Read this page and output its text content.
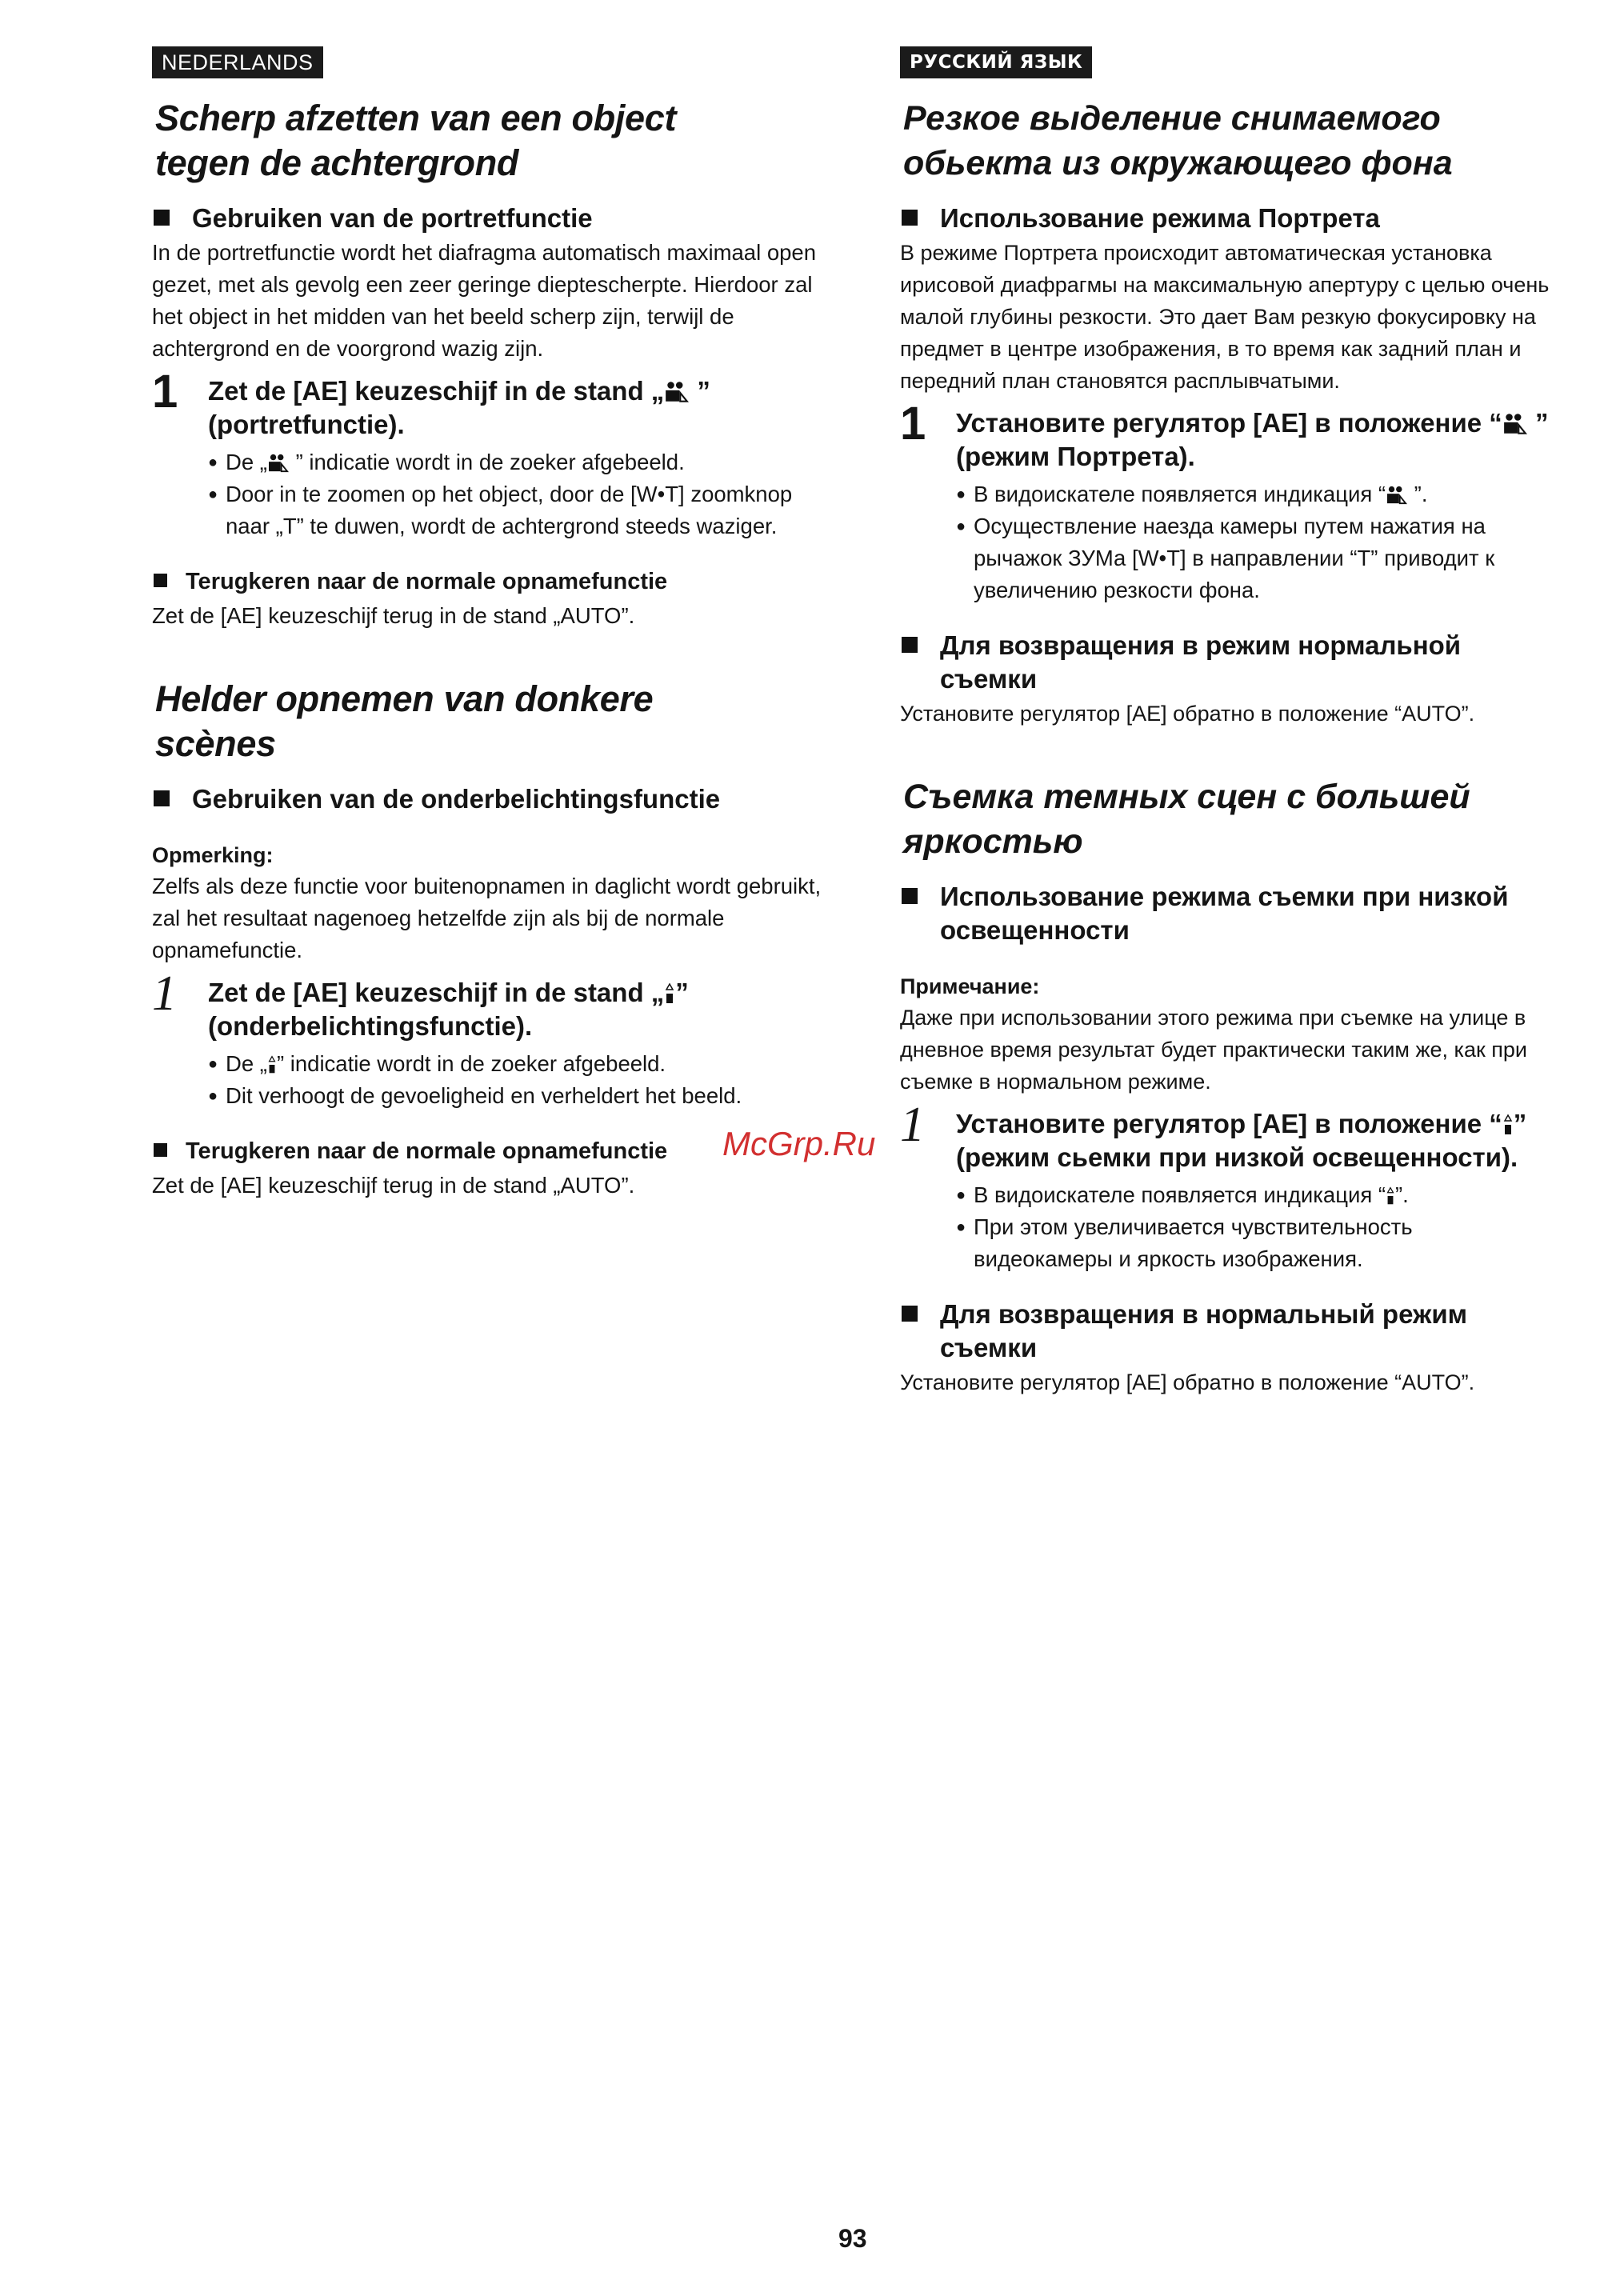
NEDERLANDS
Scherp afzetten van een object
tegen de achtergrond
Gebruiken van de portretfunctie

In de portretfunctie wordt het diafragma automatisch maximaal open gezet, met als gevolg een zeer geringe dieptescherpte. Hierdoor zal het object in het midden van het beeld scherp zijn, terwijl de achtergrond en de voorgrond wazig zijn.

1 Zet de [AE] keuzeschijf in de stand „ ” (portretfunctie).
● De „ ” indicatie wordt in de zoeker afgebeeld.
● Door in te zoomen op het object, door de [W•T] zoomknop naar „T” te duwen, wordt de achtergrond steeds waziger.
Terugkeren naar de normale opnamefunctie

Zet de [AE] keuzeschijf terug in de stand „AUTO”.

Helder opnemen van donkere
scènes
Gebruiken van de onderbelichtingsfunctie
Opmerking:

Zelfs als deze functie voor buitenopnamen in daglicht wordt gebruikt, zal het resultaat nagenoeg hetzelfde zijn als bij de normale opnamefunctie.

1 Zet de [AE] keuzeschijf in de stand „ ” (onderbelichtingsfunctie).
● De „ ” indicatie wordt in de zoeker afgebeeld.
● Dit verhoogt de gevoeligheid en verheldert het beeld.
Terugkeren naar de normale opnamefunctie

Zet de [AE] keuzeschijf terug in de stand „AUTO”.

РУССКИЙ ЯЗЫК
Резкое выделение снимаемого
обьекта из окружающего фона
Использование режима Портрета

В режиме Портрета происходит автоматическая установка ирисовой диафрагмы на максимальную апертуру с целью очень малой глубины резкости. Это дает Вам резкую фокусировку на предмет в центре изображения, в то время как задний план и передний план становятся расплывчатыми.

1 Установите регулятор [AE] в положение “ ” (режим Портрета).
● В видоискателе появляется индикация “ ”.
● Осуществление наезда камеры путем нажатия на рычажок ЗУМа [W•T] в направлении “T” приводит к увеличению резкости фона.
Для возвращения в режим нормальной съемки

Установите регулятор [AE] обратно в положение “AUTO”.

Съемка темных сцен с большей
яркостью
Использование режима съемки при низкой освещенности
Примечание:

Даже при использовании этого режима при съемке на улице в дневное время результат будет практически таким же, как при съемке в нормальном режиме.

1 Установите регулятор [AE] в положение “ ” (режим сьемки при низкой освещенности).
● В видоискателе появляется индикация “ ”.
● При этом увеличивается чувствительность видеокамеры и яркость изображения.
Для возвращения в нормальный режим съемки

Установите регулятор [AE] обратно в положение “AUTO”.

McGrp.Ru
93
